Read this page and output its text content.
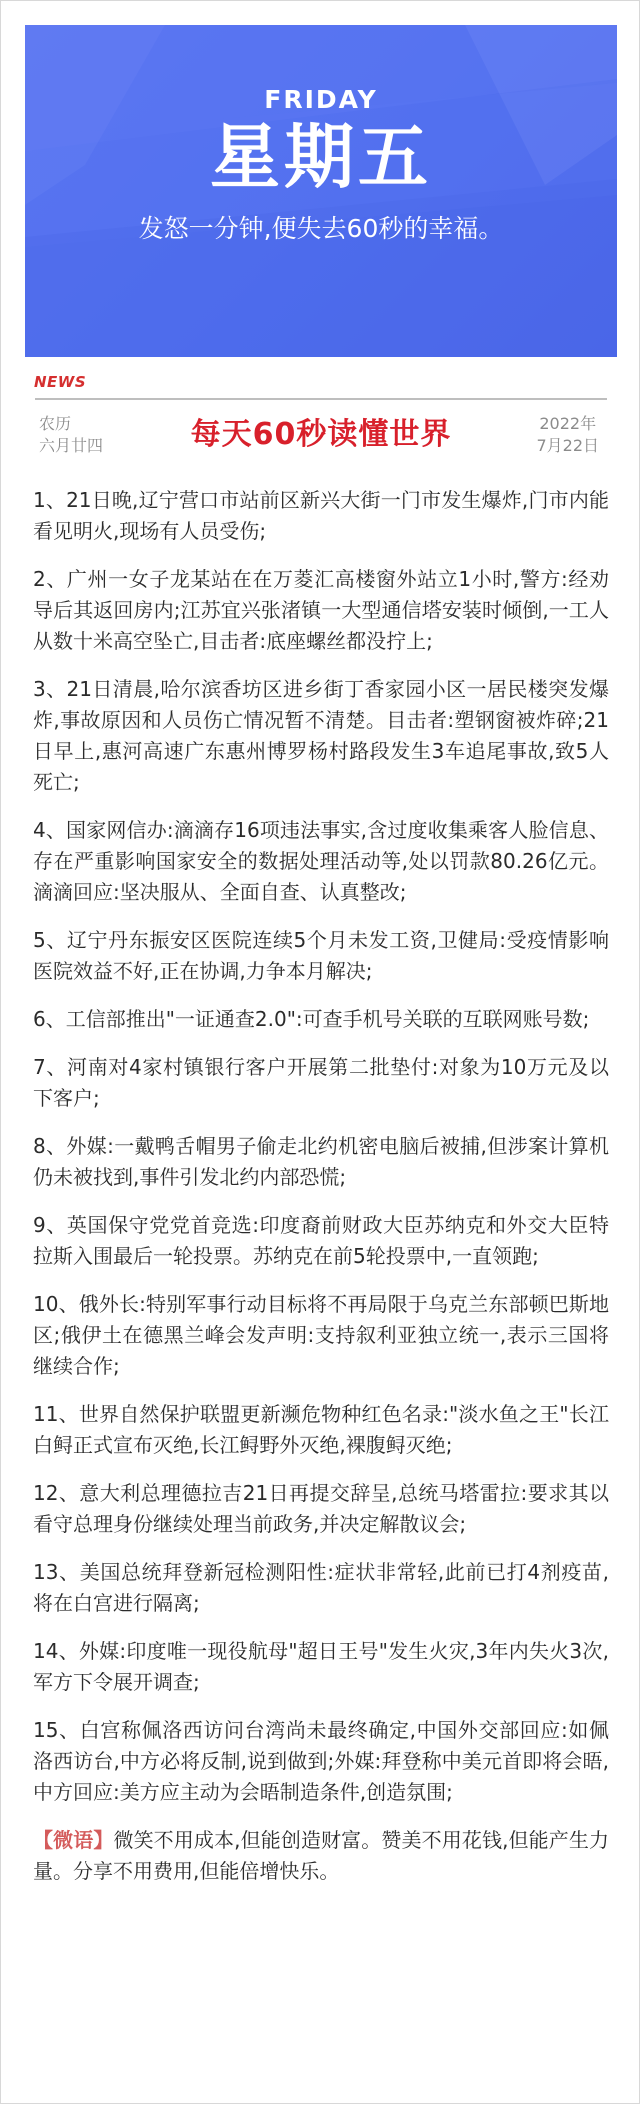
FRIDAY
星期五
发怒一分钟,便失去60秒的幸福。
NEWS
农历
六月廿四	每天60秒读懂世界	2022年
7月22日
1、21日晚,辽宁营口市站前区新兴大街一门市发生爆炸,门市内能看见明火,现场有人员受伤;
2、广州一女子龙某站在在万菱汇高楼窗外站立1小时,警方:经劝导后其返回房内;江苏宜兴张渚镇一大型通信塔安装时倾倒,一工人从数十米高空坠亡,目击者:底座螺丝都没拧上;
3、21日清晨,哈尔滨香坊区进乡街丁香家园小区一居民楼突发爆炸,事故原因和人员伤亡情况暂不清楚。目击者:塑钢窗被炸碎;21日早上,惠河高速广东惠州博罗杨村路段发生3车追尾事故,致5人死亡;
4、国家网信办:滴滴存16项违法事实,含过度收集乘客人脸信息、存在严重影响国家安全的数据处理活动等,处以罚款80.26亿元。滴滴回应:坚决服从、全面自查、认真整改;
5、辽宁丹东振安区医院连续5个月未发工资,卫健局:受疫情影响医院效益不好,正在协调,力争本月解决;
6、工信部推出"一证通查2.0":可查手机号关联的互联网账号数;
7、河南对4家村镇银行客户开展第二批垫付:对象为10万元及以下客户;
8、外媒:一戴鸭舌帽男子偷走北约机密电脑后被捕,但涉案计算机仍未被找到,事件引发北约内部恐慌;
9、英国保守党党首竞选:印度裔前财政大臣苏纳克和外交大臣特拉斯入围最后一轮投票。苏纳克在前5轮投票中,一直领跑;
10、俄外长:特别军事行动目标将不再局限于乌克兰东部顿巴斯地区;俄伊土在德黑兰峰会发声明:支持叙利亚独立统一,表示三国将继续合作;
11、世界自然保护联盟更新濒危物种红色名录:"淡水鱼之王"长江白鲟正式宣布灭绝,长江鲟野外灭绝,裸腹鲟灭绝;
12、意大利总理德拉吉21日再提交辞呈,总统马塔雷拉:要求其以看守总理身份继续处理当前政务,并决定解散议会;
13、美国总统拜登新冠检测阳性:症状非常轻,此前已打4剂疫苗,将在白宫进行隔离;
14、外媒:印度唯一现役航母"超日王号"发生火灾,3年内失火3次,军方下令展开调查;
15、白宫称佩洛西访问台湾尚未最终确定,中国外交部回应:如佩洛西访台,中方必将反制,说到做到;外媒:拜登称中美元首即将会晤,中方回应:美方应主动为会晤制造条件,创造氛围;
【微语】微笑不用成本,但能创造财富。赞美不用花钱,但能产生力量。分享不用费用,但能倍增快乐。
